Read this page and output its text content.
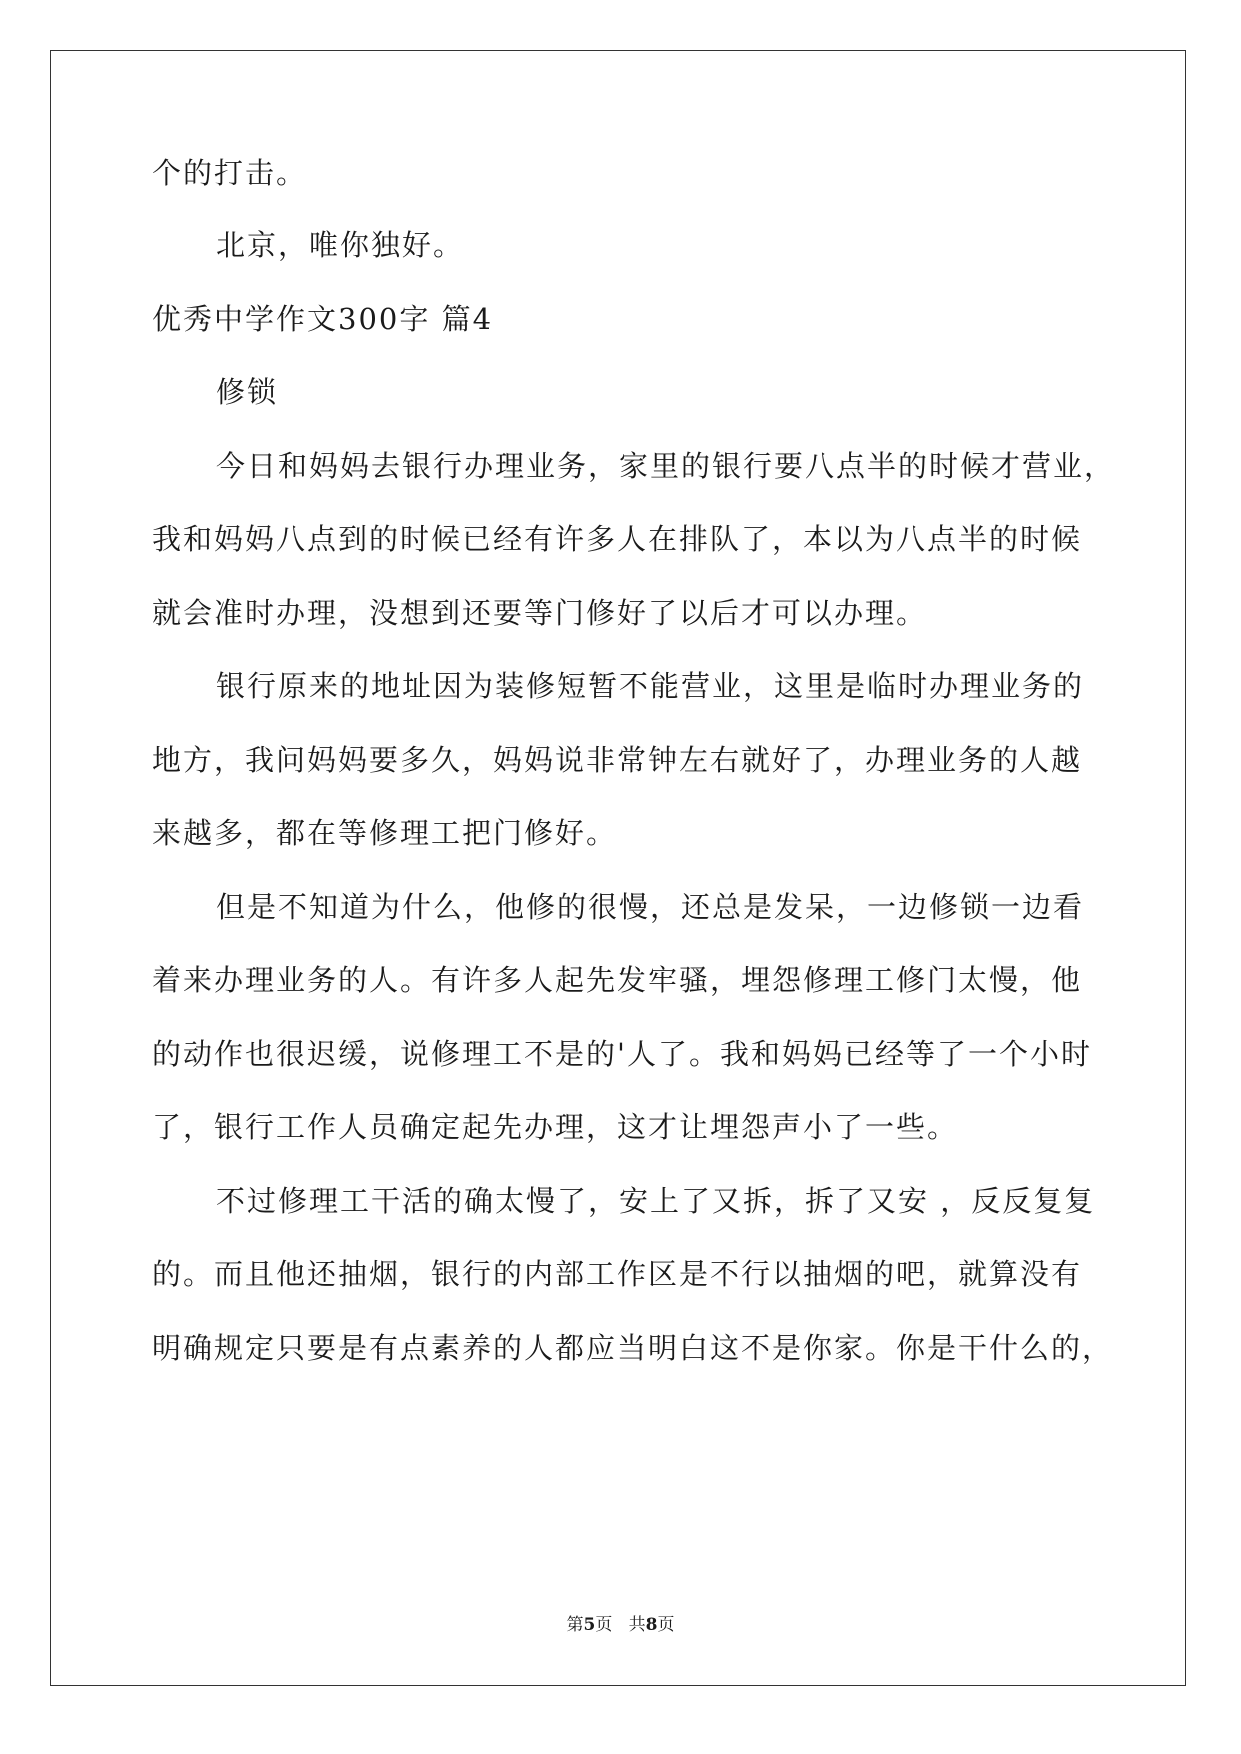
个的打击。
北京，唯你独好。
优秀中学作文300字 篇4
修锁
今日和妈妈去银行办理业务，家里的银行要八点半的时候才营业，
我和妈妈八点到的时候已经有许多人在排队了，本以为八点半的时候
就会准时办理，没想到还要等门修好了以后才可以办理。
银行原来的地址因为装修短暂不能营业，这里是临时办理业务的
地方，我问妈妈要多久，妈妈说非常钟左右就好了，办理业务的人越
来越多，都在等修理工把门修好。
但是不知道为什么，他修的很慢，还总是发呆，一边修锁一边看
着来办理业务的人。有许多人起先发牢骚，埋怨修理工修门太慢，他
的动作也很迟缓，说修理工不是的'人了。我和妈妈已经等了一个小时
了，银行工作人员确定起先办理，这才让埋怨声小了一些。
不过修理工干活的确太慢了，安上了又拆，拆了又安 ，反反复复
的。而且他还抽烟，银行的内部工作区是不行以抽烟的吧，就算没有
明确规定只要是有点素养的人都应当明白这不是你家。你是干什么的，
第5页 共8页
